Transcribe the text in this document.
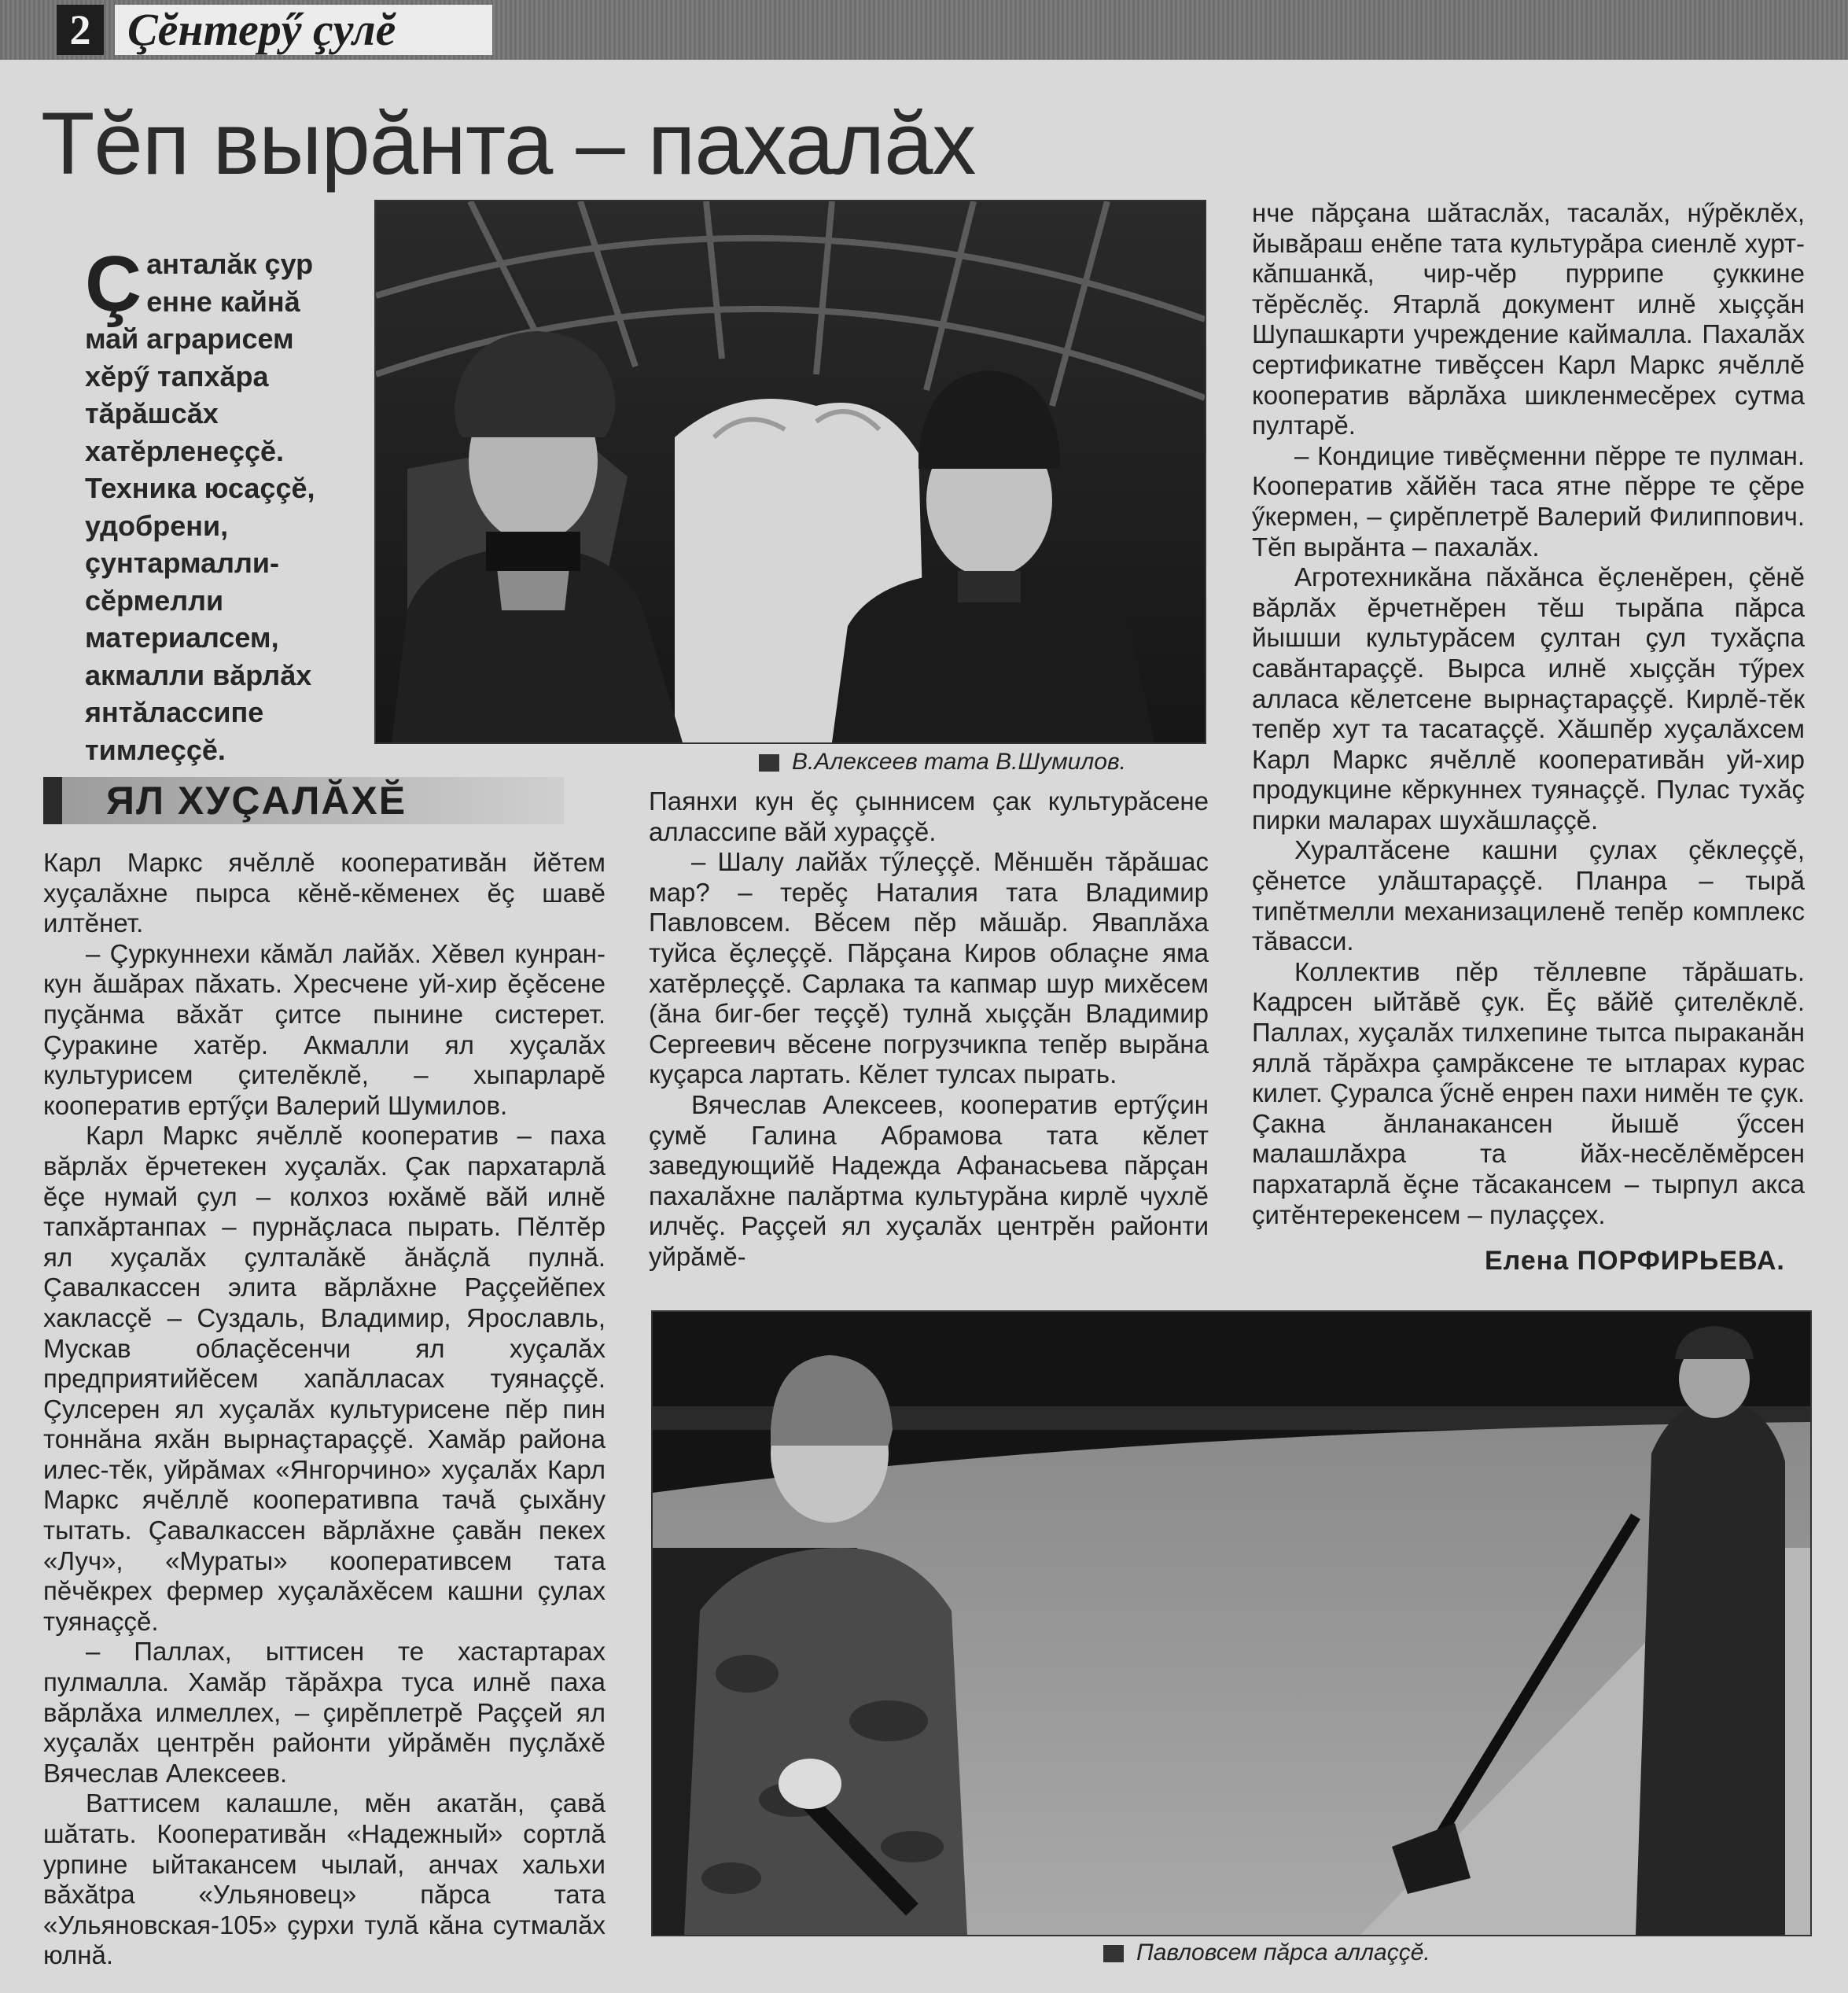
2 Çĕнтерӳ çулĕ
Тĕп вырăнта – пахалăх
В.Алексеев тата В.Шумилов.
Çанталăк çур енне кайнă май аграрисем хĕрӳ тапхăра тăрăшсăх хатĕрленеççĕ. Техника юсаççĕ, удобрени, çунтармалли-сĕрмелли материалсем, акмалли вăрлăх янтăлассипе тимлеççĕ.
ЯЛ ХУÇАЛĂХĔ

Карл Маркс ячĕллĕ кооперативăн йĕтем хуçалăхне пырса кĕнĕ-кĕменех ĕç шавĕ илтĕнет.

– Çуркуннехи кăмăл лайăх. Хĕвел кунран-кун ăшăрах пăхать. Хресчене уй-хир ĕçĕсене пуçăнма вăхăт çитсе пынине систерет. Çуракине хатĕр. Акмалли ял хуçалăх культурисем çителĕклĕ, – хыпарларĕ кооператив ертӳçи Валерий Шумилов.

Карл Маркс ячĕллĕ кооператив – паха вăрлăх ĕрчетекен хуçалăх. Çак пархатарлă ĕçе нумай çул – колхоз юхăмĕ вăй илнĕ тапхăртанпах – пурнăçласа пырать. Пĕлтĕр ял хуçалăх çулталăкĕ ăнăçлă пулнă. Çавалкассен элита вăрлăхне Раççейĕпех хакласçĕ – Суздаль, Владимир, Ярославль, Мускав облаçĕсенчи ял хуçалăх предприятийĕсем хапăлласах туянаççĕ. Çулсерен ял хуçалăх культурисене пĕр пин тоннăна яхăн вырнаçтараççĕ. Хамăр района илес-тĕк, уйрăмах «Янгорчино» хуçалăх Карл Маркс ячĕллĕ кооперативпа тачă çыхăну тытать. Çавалкассен вăрлăхне çавăн пекех «Луч», «Мураты» кооперативсем тата пĕчĕкрех фермер хуçалăхĕсем кашни çулах туянаççĕ.

– Паллах, ыттисен те хастартарах пулмалла. Хамăр тăрăхра туса илнĕ паха вăрлăха илмеллех, – çирĕплетрĕ Раççей ял хуçалăх центрĕн районти уйрăмĕн пуçлăхĕ Вячеслав Алексеев.

Ваттисем калашле, мĕн акатăн, çавă шăтать. Кооперативăн «Надежный» сортлă урпине ыйтакансем чылай, анчах хальхи вăхătра «Ульяновец» пăрса тата «Ульяновская-105» çурхи тулă кăна сутмалăх юлнă.

Паянхи кун ĕç çыннисем çак культурăсене аллассипе вăй хураççĕ.

– Шалу лайăх тӳлеççĕ. Мĕншĕн тăрăшас мар? – терĕç Наталия тата Владимир Павловсем. Вĕсем пĕр мăшăр. Яваплăха туйса ĕçлеççĕ. Пăрçана Киров облаçне яма хатĕрлеççĕ. Сарлака та капмар шур михĕсем (ăна биг-бег теççĕ) тулнă хыççăн Владимир Сергеевич вĕсене погрузчикпа тепĕр вырăна куçарса лартать. Кĕлет тулсах пырать.

Вячеслав Алексеев, кооператив ертӳçин çумĕ Галина Абрамова тата кĕлет заведующийĕ Надежда Афанасьева пăрçан пахалăхне палăртма культурăна кирлĕ чухлĕ илчĕç. Раççей ял хуçалăх центрĕн районти уйрăмĕ-

нче пăрçана шăтаслăх, тасалăх, нӳрĕклĕх, йывăраш енĕпе тата культурăра сиенлĕ хурт-кăпшанкă, чир-чĕр пуррипе çуккине тĕрĕслĕç. Ятарлă документ илнĕ хыççăн Шупашкарти учреждение каймалла. Пахалăх сертификатне тивĕçсен Карл Маркс ячĕллĕ кооператив вăрлăха шикленмесĕрех сутма пултарĕ.

– Кондицие тивĕçменни пĕрре те пулман. Кооператив хăйĕн таса ятне пĕрре те çĕре ӳкермен, – çирĕплетрĕ Валерий Филиппович. Тĕп вырăнта – пахалăх.

Агротехникăна пăхăнса ĕçленĕрен, çĕнĕ вăрлăх ĕрчетнĕрен тĕш тырăпа пăрса йышши культурăсем çултан çул тухăçпа савăнтараççĕ. Вырса илнĕ хыççăн тӳрех алласа кĕлетсене вырнаçтараççĕ. Кирлĕ-тĕк тепĕр хут та тасатаççĕ. Хăшпĕр хуçалăхсем Карл Маркс ячĕллĕ кооперативăн уй-хир продукцине кĕркуннех туянаççĕ. Пулас тухăç пирки маларах шухăшлаççĕ.

Хуралтăсене кашни çулах çĕклеççĕ, çĕнетсе улăштараççĕ. Планра – тырă типĕтмелли механизациленĕ тепĕр комплекс тăвасси.

Коллектив пĕр тĕллевпе тăрăшать. Кадрсен ыйтăвĕ çук. Ĕç вăйĕ çителĕклĕ. Паллах, хуçалăх тилхепине тытса пыраканăн яллă тăрăхра çамрăксене те ытларах курас килет. Çуралса ӳснĕ енрен пахи нимĕн те çук. Çакна ăнланакансен йышĕ ӳссен малашлăхра та йăх-несĕлĕмĕрсен пархатарлă ĕçне тăсакансем – тырпул акса çитĕнтерекенсем – пулаççех.

Елена ПОРФИРЬЕВА.
Павловсем пăрса аллаççĕ.
